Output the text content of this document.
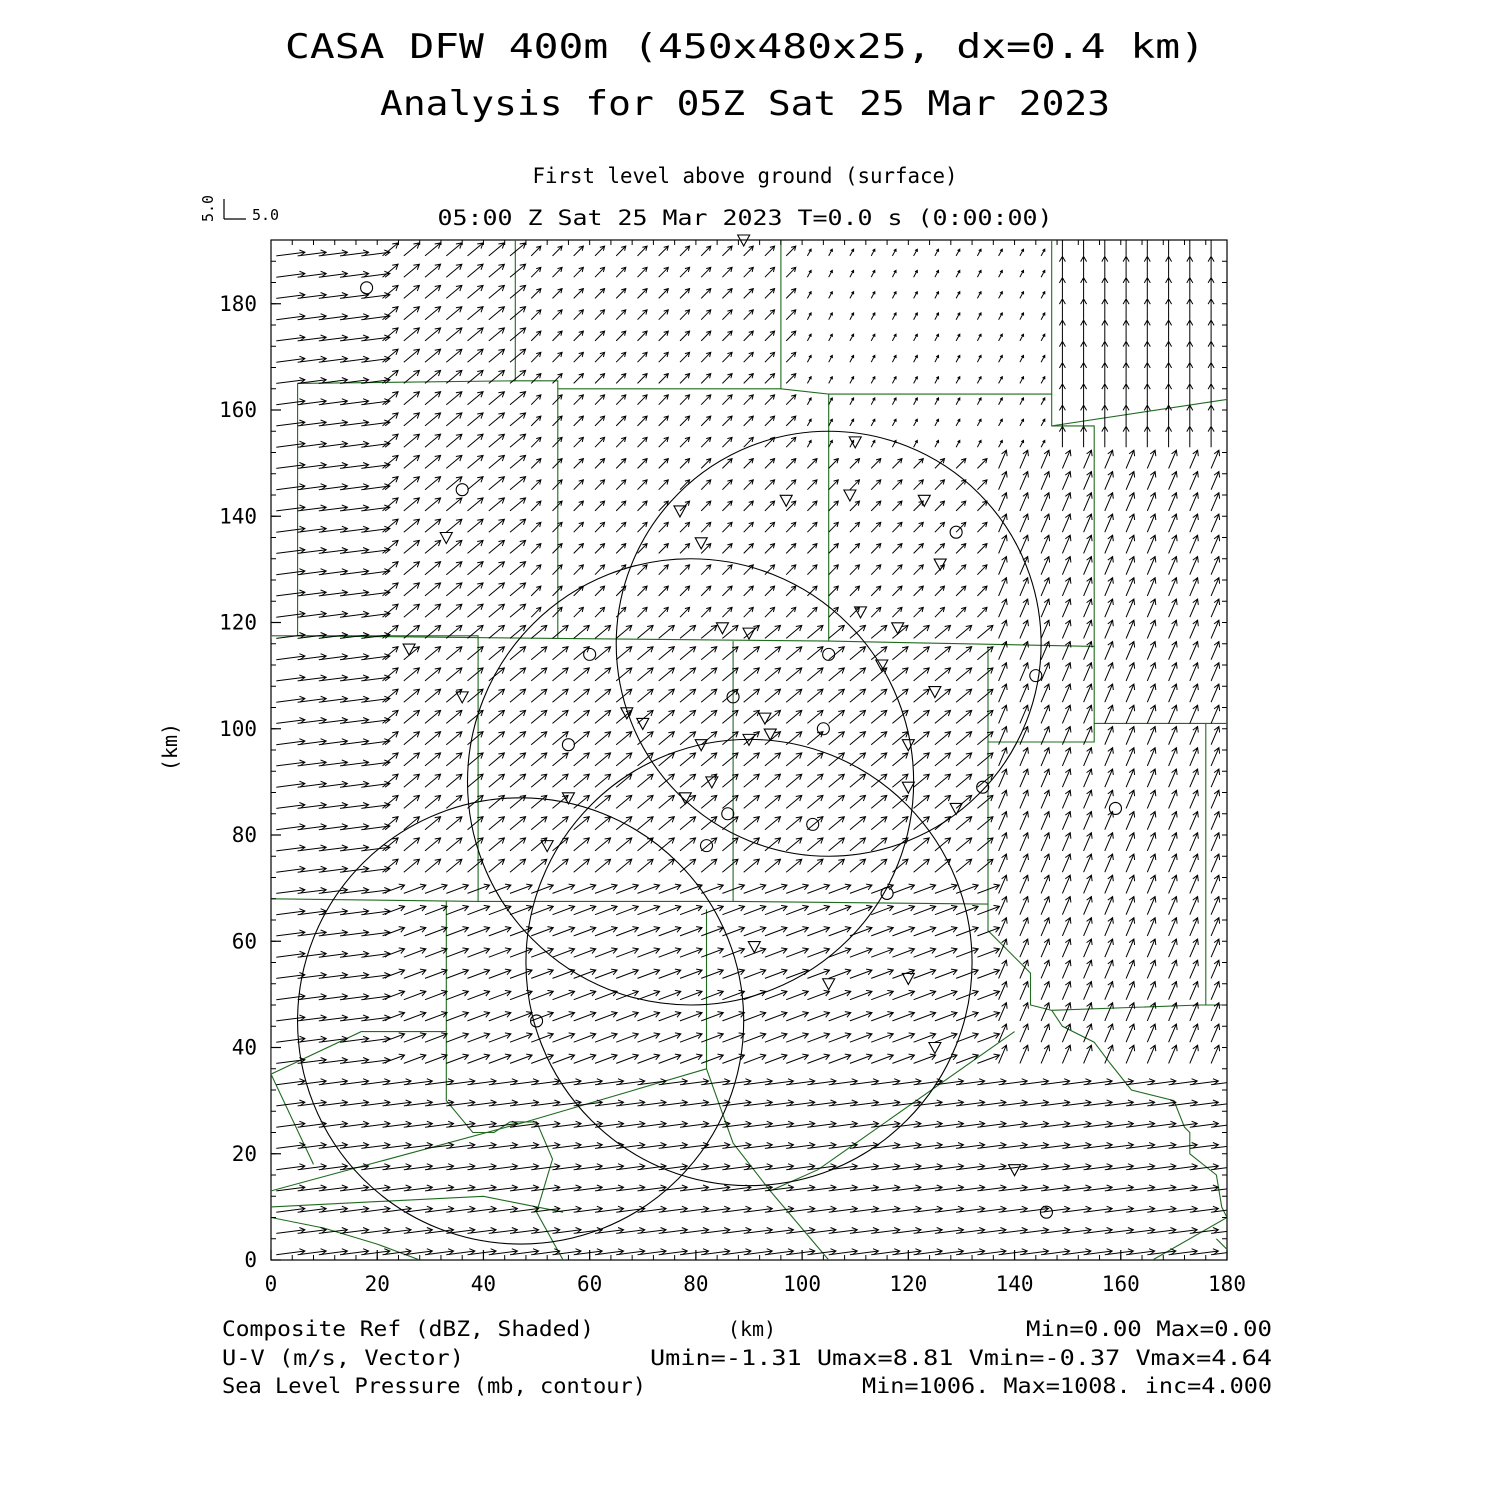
CASA DFW 400m (450x480x25, dx=0.4 km)
Analysis for 05Z Sat 25 Mar 2023
First level above ground (surface)
05:00 Z Sat 25 Mar 2023 T=0.0 s (0:00:00)
5.0
5.0
0	20	40	60	80	100	120	140	160	180
0
20
40
60
80
100
120
140
160
180
(km)
(km)
Composite Ref (dBZ, Shaded)
U-V (m/s, Vector)
Sea Level Pressure (mb, contour)
Min=0.00 Max=0.00
Umin=-1.31 Umax=8.81 Vmin=-0.37 Vmax=4.64
Min=1006. Max=1008. inc=4.000
